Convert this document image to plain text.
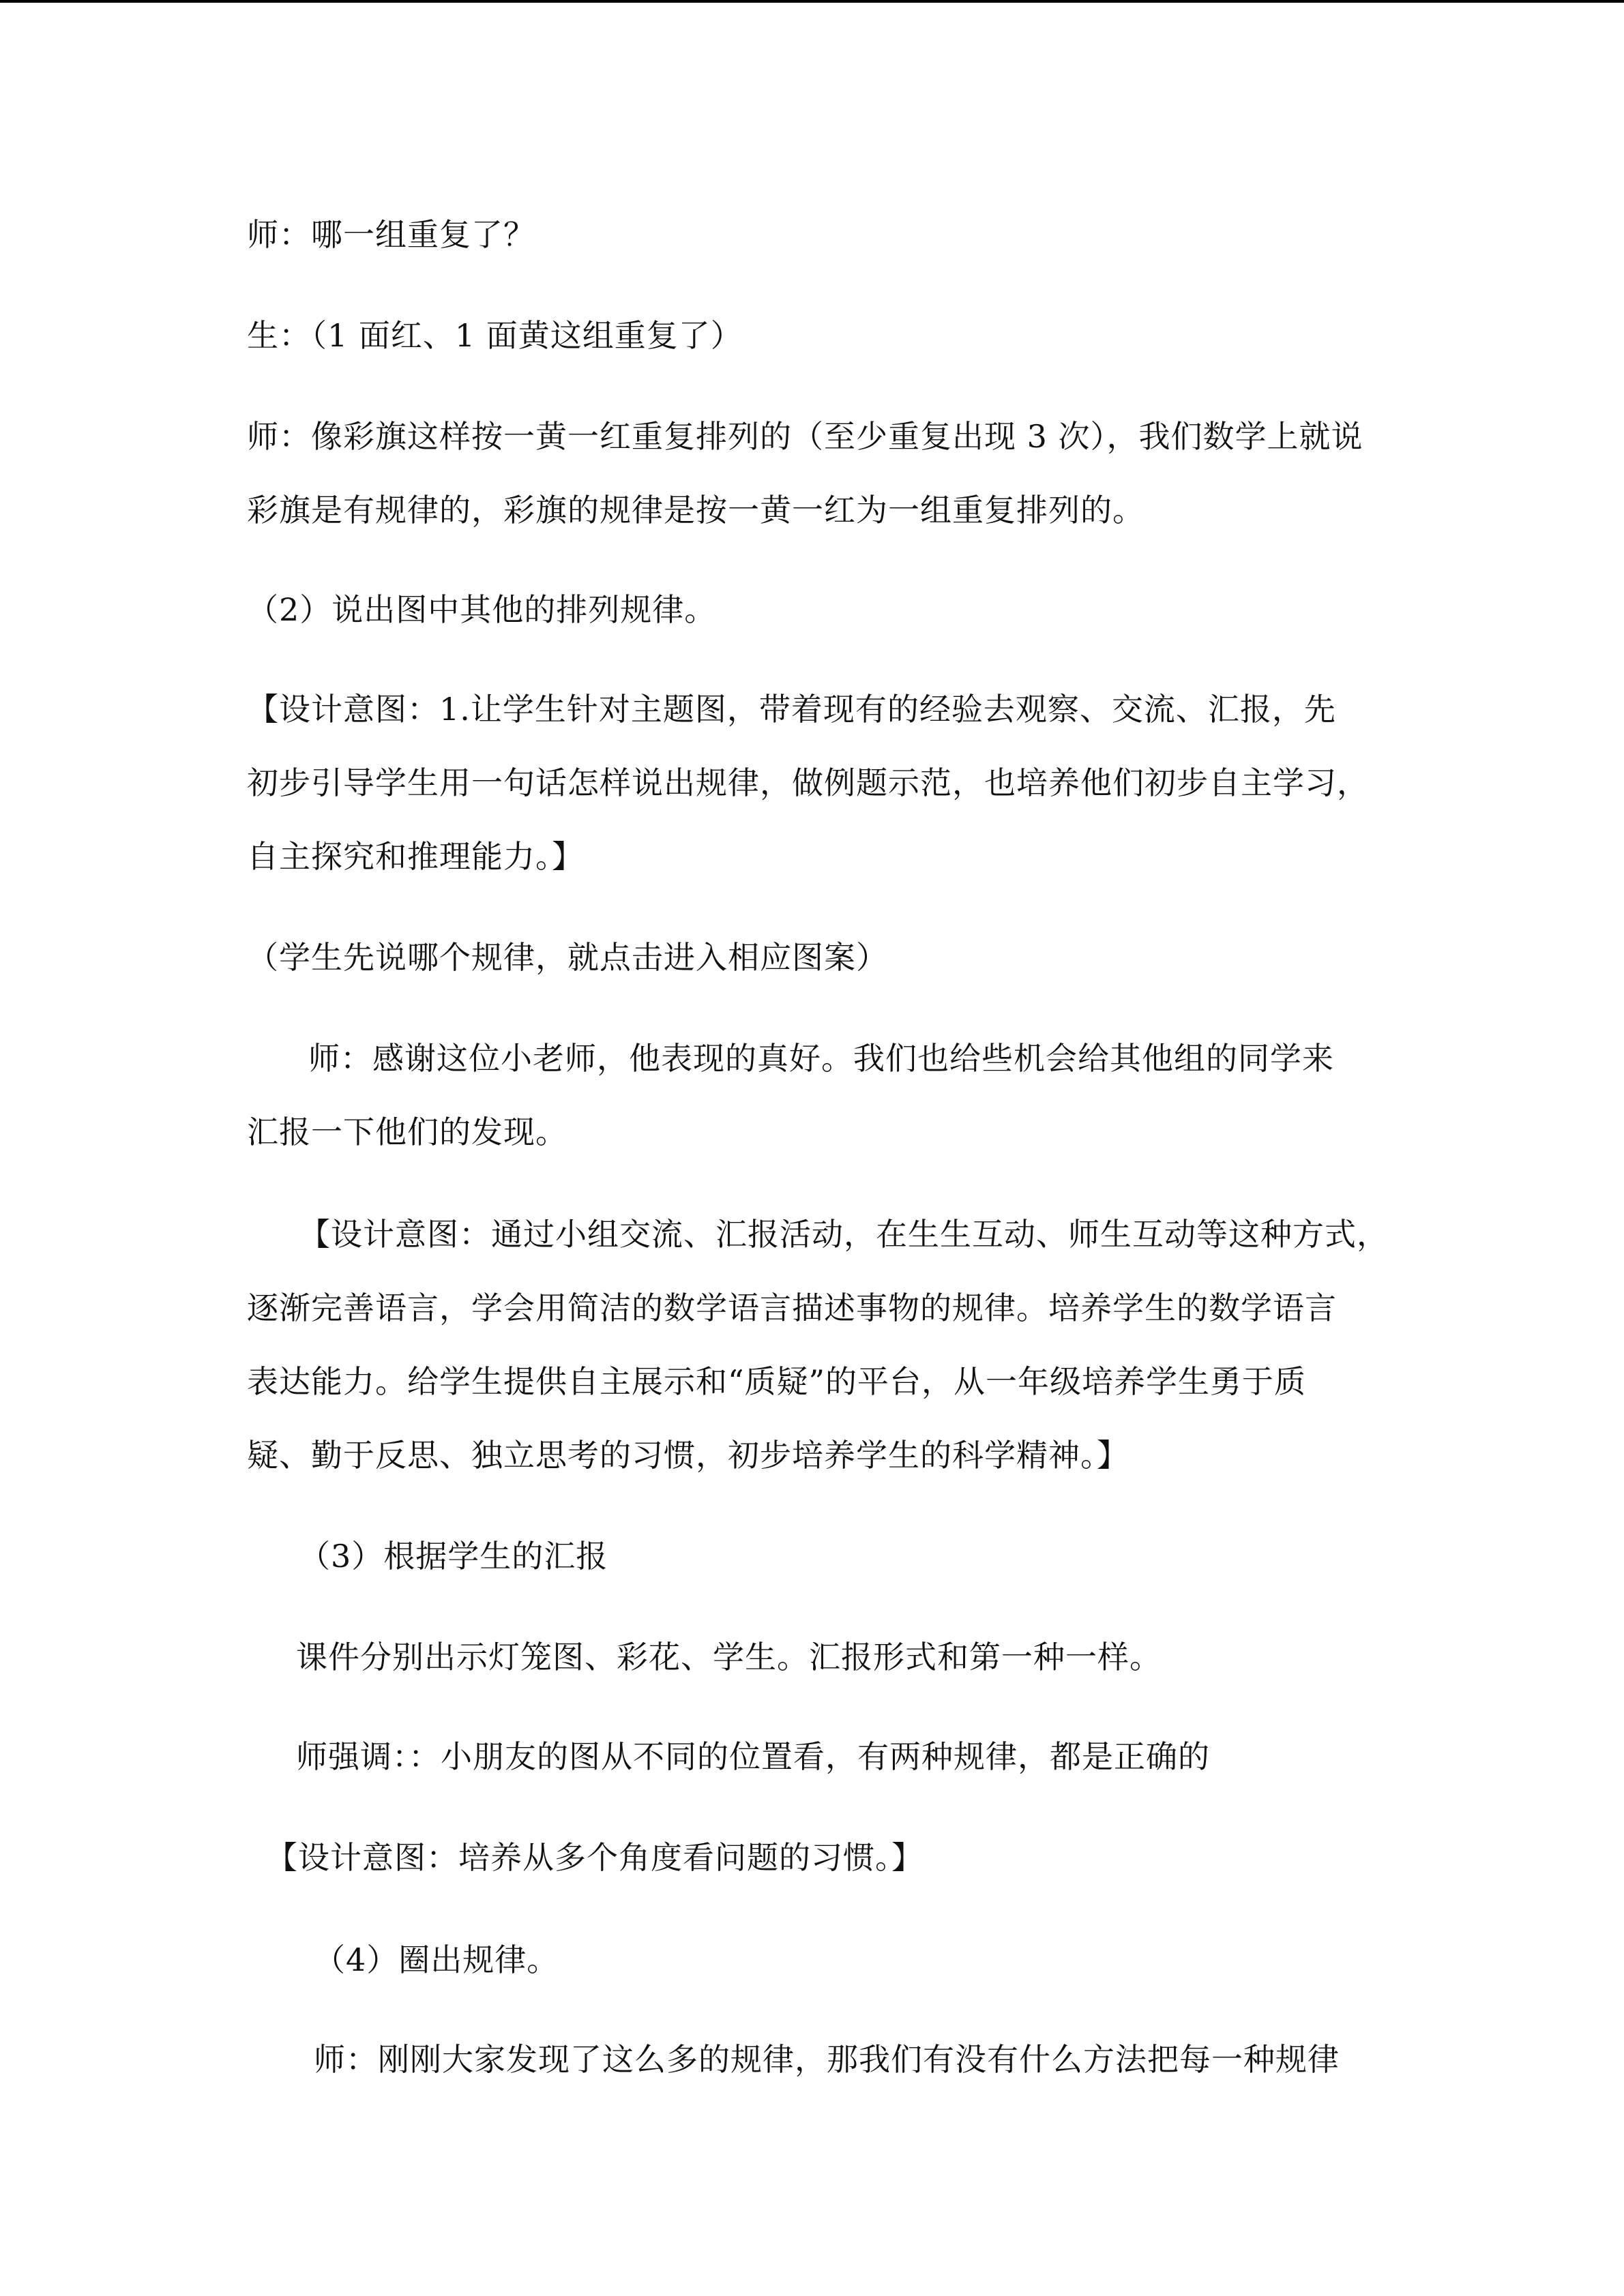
师：哪一组重复了？
生：（1 面红、1 面黄这组重复了）
师：像彩旗这样按一黄一红重复排列的（至少重复出现 3 次），我们数学上就说
彩旗是有规律的，彩旗的规律是按一黄一红为一组重复排列的。
（2）说出图中其他的排列规律。
【设计意图：1.让学生针对主题图，带着现有的经验去观察、交流、汇报，先
初步引导学生用一句话怎样说出规律，做例题示范，也培养他们初步自主学习，
自主探究和推理能力。】
（学生先说哪个规律，就点击进入相应图案）
师：感谢这位小老师，他表现的真好。我们也给些机会给其他组的同学来
汇报一下他们的发现。
【设计意图：通过小组交流、汇报活动，在生生互动、师生互动等这种方式，
逐渐完善语言，学会用简洁的数学语言描述事物的规律。培养学生的数学语言
表达能力。给学生提供自主展示和“质疑”的平台，从一年级培养学生勇于质
疑、勤于反思、独立思考的习惯，初步培养学生的科学精神。】
（3）根据学生的汇报
课件分别出示灯笼图、彩花、学生。汇报形式和第一种一样。
师强调：：小朋友的图从不同的位置看，有两种规律，都是正确的
【设计意图：培养从多个角度看问题的习惯。】
（4）圈出规律。
师：刚刚大家发现了这么多的规律，那我们有没有什么方法把每一种规律
